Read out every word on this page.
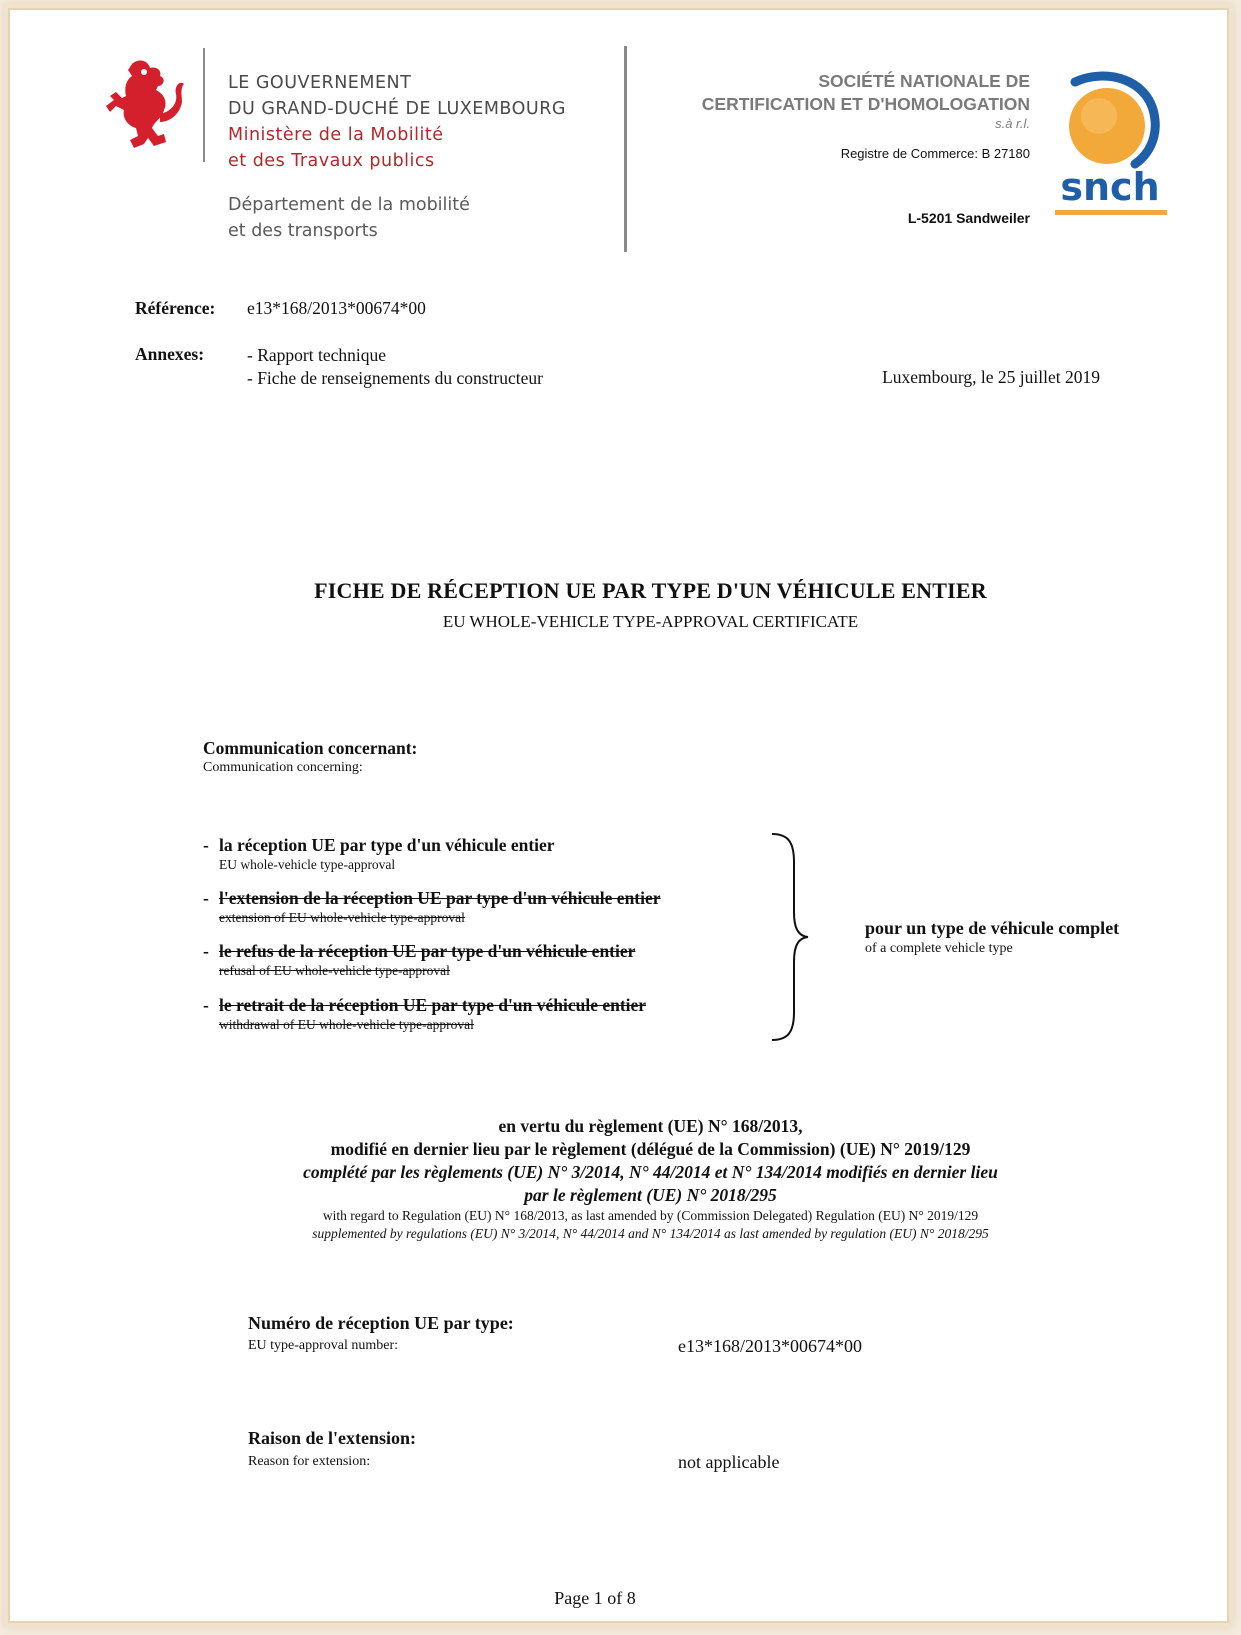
LE GOUVERNEMENT
DU GRAND-DUCHÉ DE LUXEMBOURG
Ministère de la Mobilité
et des Travaux publics
Département de la mobilité
et des transports
SOCIÉTÉ NATIONALE DE
CERTIFICATION ET D'HOMOLOGATION
s.à r.l.
Registre de Commerce: B 27180
L-5201 Sandweiler
snch
Référence: e13*168/2013*00674*00
Annexes: - Rapport technique
- Fiche de renseignements du constructeur	Luxembourg, le 25 juillet 2019
FICHE DE RÉCEPTION UE PAR TYPE D'UN VÉHICULE ENTIER
EU WHOLE-VEHICLE TYPE-APPROVAL CERTIFICATE
Communication concernant:
Communication concerning:
- la réception UE par type d'un véhicule entier
EU whole-vehicle type-approval
- l'extension de la réception UE par type d'un véhicule entier
extension of EU whole-vehicle type-approval
- le refus de la réception UE par type d'un véhicule entier
refusal of EU whole-vehicle type-approval
- le retrait de la réception UE par type d'un véhicule entier
withdrawal of EU whole-vehicle type-approval
pour un type de véhicule complet
of a complete vehicle type
en vertu du règlement (UE) N° 168/2013,
modifié en dernier lieu par le règlement (délégué de la Commission) (UE) N° 2019/129
complété par les règlements (UE) N° 3/2014, N° 44/2014 et N° 134/2014 modifiés en dernier lieu
par le règlement (UE) N° 2018/295
with regard to Regulation (EU) N° 168/2013, as last amended by (Commission Delegated) Regulation (EU) N° 2019/129
supplemented by regulations (EU) N° 3/2014, N° 44/2014 and N° 134/2014 as last amended by regulation (EU) N° 2018/295
Numéro de réception UE par type:
EU type-approval number:	e13*168/2013*00674*00
Raison de l'extension:
Reason for extension:	not applicable
Page 1 of 8
